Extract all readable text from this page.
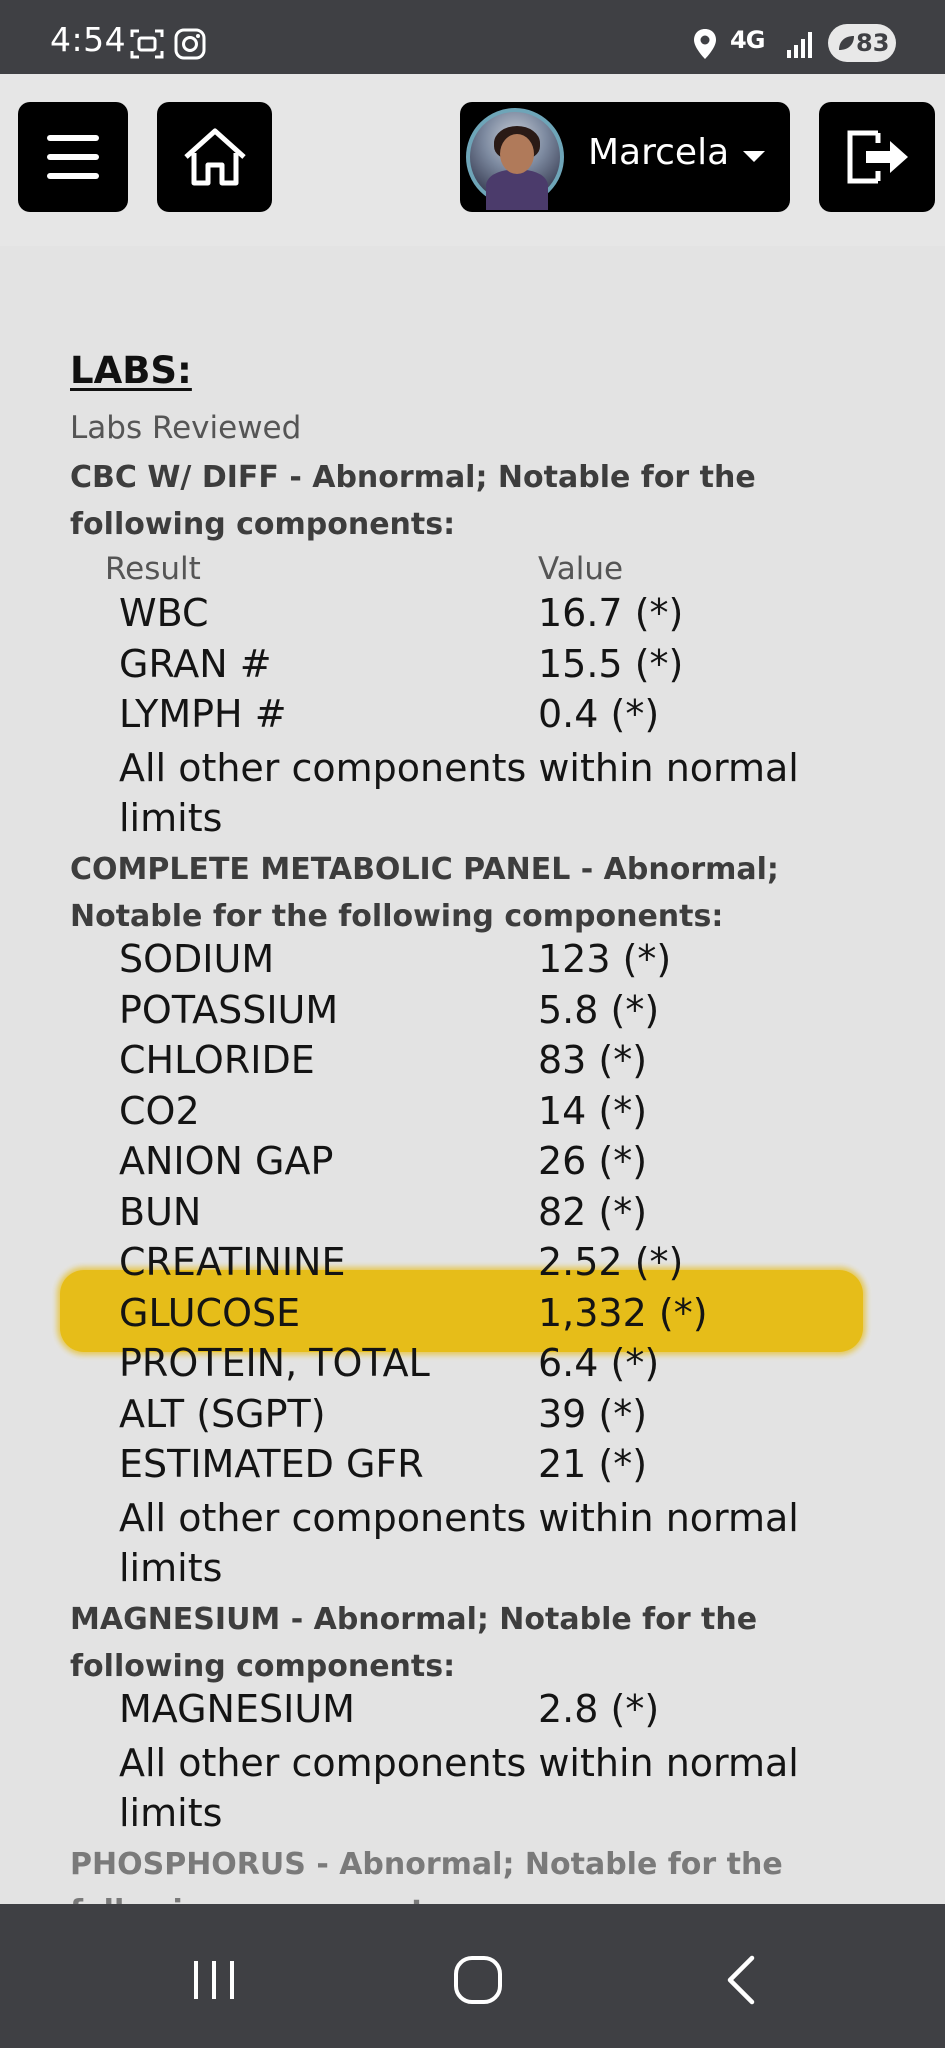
4:54	4G	83
Marcela
LABS:
Labs Reviewed
CBC W/ DIFF - Abnormal; Notable for the following components:
Result	Value
WBC	16.7 (*)
GRAN #	15.5 (*)
LYMPH #	0.4 (*)
All other components within normal limits
COMPLETE METABOLIC PANEL - Abnormal; Notable for the following components:
SODIUM	123 (*)
POTASSIUM	5.8 (*)
CHLORIDE	83 (*)
CO2	14 (*)
ANION GAP	26 (*)
BUN	82 (*)
CREATININE	2.52 (*)
GLUCOSE	1,332 (*)
PROTEIN, TOTAL	6.4 (*)
ALT (SGPT)	39 (*)
ESTIMATED GFR	21 (*)
All other components within normal limits
MAGNESIUM - Abnormal; Notable for the following components:
MAGNESIUM	2.8 (*)
All other components within normal limits
PHOSPHORUS - Abnormal; Notable for the
